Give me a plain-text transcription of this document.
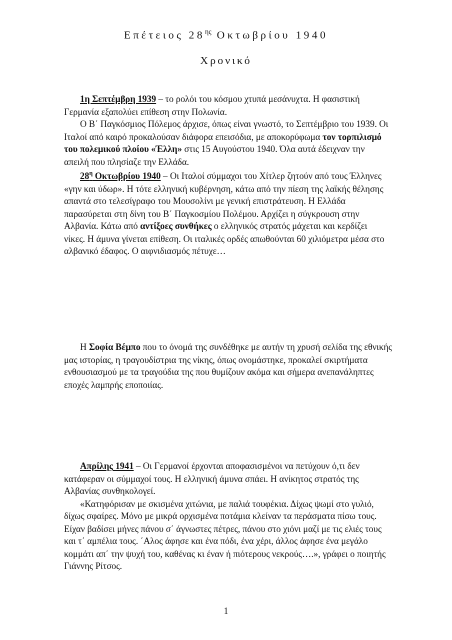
Επέτειος $28^{\eta\varsigma}$ Οκτωβρίου 1940
Χρονικό

1η Σεπτέμβρη 1939 – το ρολόι του κόσμου χτυπά μεσάνυχτα. Η φασιστική Γερμανία εξαπολύει επίθεση στην Πολωνία.

Ο Β΄ Παγκόσμιος Πόλεμος άρχισε, όπως είναι γνωστό, το Σεπτέμβριο του 1939. Οι Ιταλοί από καιρό προκαλούσαν διάφορα επεισόδια, με αποκορύφωμα τον τορπιλισμό του πολεμικού πλοίου «Έλλη» στις 15 Αυγούστου 1940. Όλα αυτά έδειχναν την απειλή που πλησίαζε την Ελλάδα.

$28^\eta$ Οκτωβρίου 1940 – Οι Ιταλοί σύμμαχοι του Χίτλερ ζητούν από τους Έλληνες «γην και ύδωρ». Η τότε ελληνική κυβέρνηση, κάτω από την πίεση της λαϊκής θέλησης απαντά στο τελεσίγραφο του Μουσολίνι με γενική επιστράτευση. Η Ελλάδα παρασύρεται στη δίνη του Β΄ Παγκοσμίου Πολέμου. Αρχίζει η σύγκρουση στην Αλβανία. Κάτω από αντίξοες συνθήκες ο ελληνικός στρατός μάχεται και κερδίζει νίκες. Η άμυνα γίνεται επίθεση. Οι ιταλικές ορδές απωθούνται 60 χιλιόμετρα μέσα στο αλβανικό έδαφος. Ο αιφνιδιασμός πέτυχε…

Η Σοφία Βέμπο που το όνομά της συνδέθηκε με αυτήν τη χρυσή σελίδα της εθνικής μας ιστορίας, η τραγουδίστρια της νίκης, όπως ονομάστηκε, προκαλεί σκιρτήματα ενθουσιασμού με τα τραγούδια της που θυμίζουν ακόμα και σήμερα ανεπανάληπτες εποχές λαμπρής εποποιίας.

Απρίλης 1941 – Οι Γερμανοί έρχονται αποφασισμένοι να πετύχουν ό,τι δεν κατάφεραν οι σύμμαχοί τους. Η ελληνική άμυνα σπάει. Η ανίκητος στρατός της Αλβανίας συνθηκολογεί.

«Κατηφόρισαν με σκισμένα χιτώνια, με παλιά τουφέκια. Δίχως ψωμί στο γυλιό, δίχως σφαίρες. Μόνο με μικρά ορχισμένα ποτάμια κλείναν τα περάσματα πίσω τους. Είχαν βαδίσει μήνες πάνου σ΄ άγνωστες πέτρες, πάνου στο χιόνι μαζί με τις ελιές τους και τ΄ αμπέλια τους. ΄Αλος άφησε και ένα πόδι, ένα χέρι, άλλος άφησε ένα μεγάλο κομμάτι απ΄ την ψυχή του, καθένας κι έναν ή πιότερους νεκρούς….», γράφει ο ποιητής Γιάννης Ρίτσος.

1
